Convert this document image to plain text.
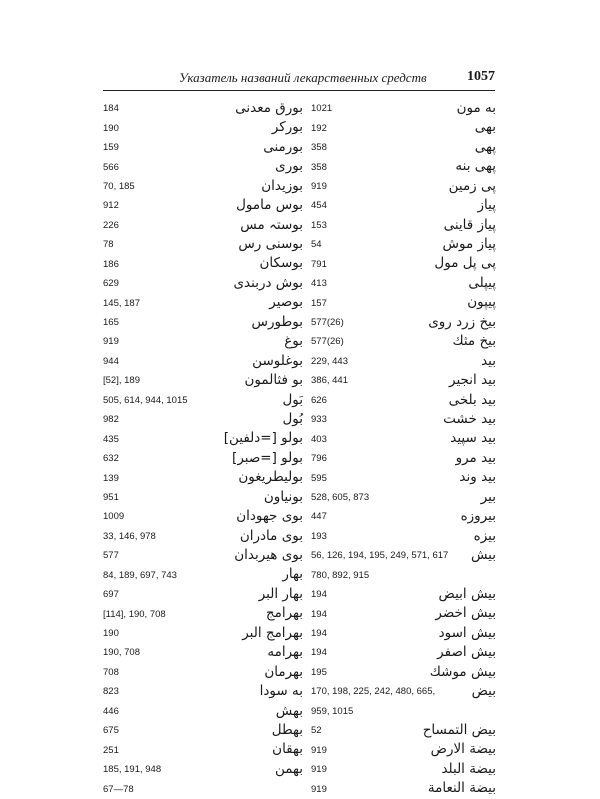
Указатель названий лекарственных средств	1057
184	بورق معدنى
190	بوركر
159	بورمنى
566	بورى
70, 185	بوزيدان
912	بوس مامول
226	بوستہ مس
78	بوسنی رس
186	بوسكان
629	بوش دربندى
145, 187	بوصير
165	بوطورس
919	بوغ
944	بوغلوسن
[52], 189	بو فثالمون
505, 614, 944, 1015	بَول
982	بُول
435	بولو [=دلفين]
632	بولو [=صبر]
139	بوليطريغون
951	بونياون
1009	بوى جهودان
33, 146, 978	بوى مادران
577	بوى هيربدان
84, 189, 697, 743	بهار
697	بهار البر
[114], 190, 708	بهرامج
190	بهرامج البر
190, 708	بهرامه
708	بهرمان
823	به سودا
446	بهش
675	بهطل
251	بهقان
185, 191, 948	بهمن
67—78
1021	به مون
192	بهى
358	پهى
358	پهى بنه
919	پى زمين
454	پياز
153	پياز قاينى
54	پياز موش
791	پى پل مول
413	پيپلى
157	پيپون
577(26)	بيخ زرد روى
577(26)	بيخ مثك
229, 443	بيد
386, 441	بيد انجير
626	بيد بلخى
933	بيد خشت
403	بيد سپيد
796	بيد مرو
595	بيد وند
528, 605, 873	بير
447	بيروزه
193	بيزه
56, 126, 194, 195, 249, 571, 617 بيش
780, 892, 915
194	بيش ابيض
194	بيش اخضر
194	بيش اسود
194	بيش اصفر
195	بيش موشك
170, 198, 225, 242, 480, 665,	بيض
959, 1015
52	بيض التمساح
919	بيضة الارض
919	بيضة البلد
919	بيضة النعامة
